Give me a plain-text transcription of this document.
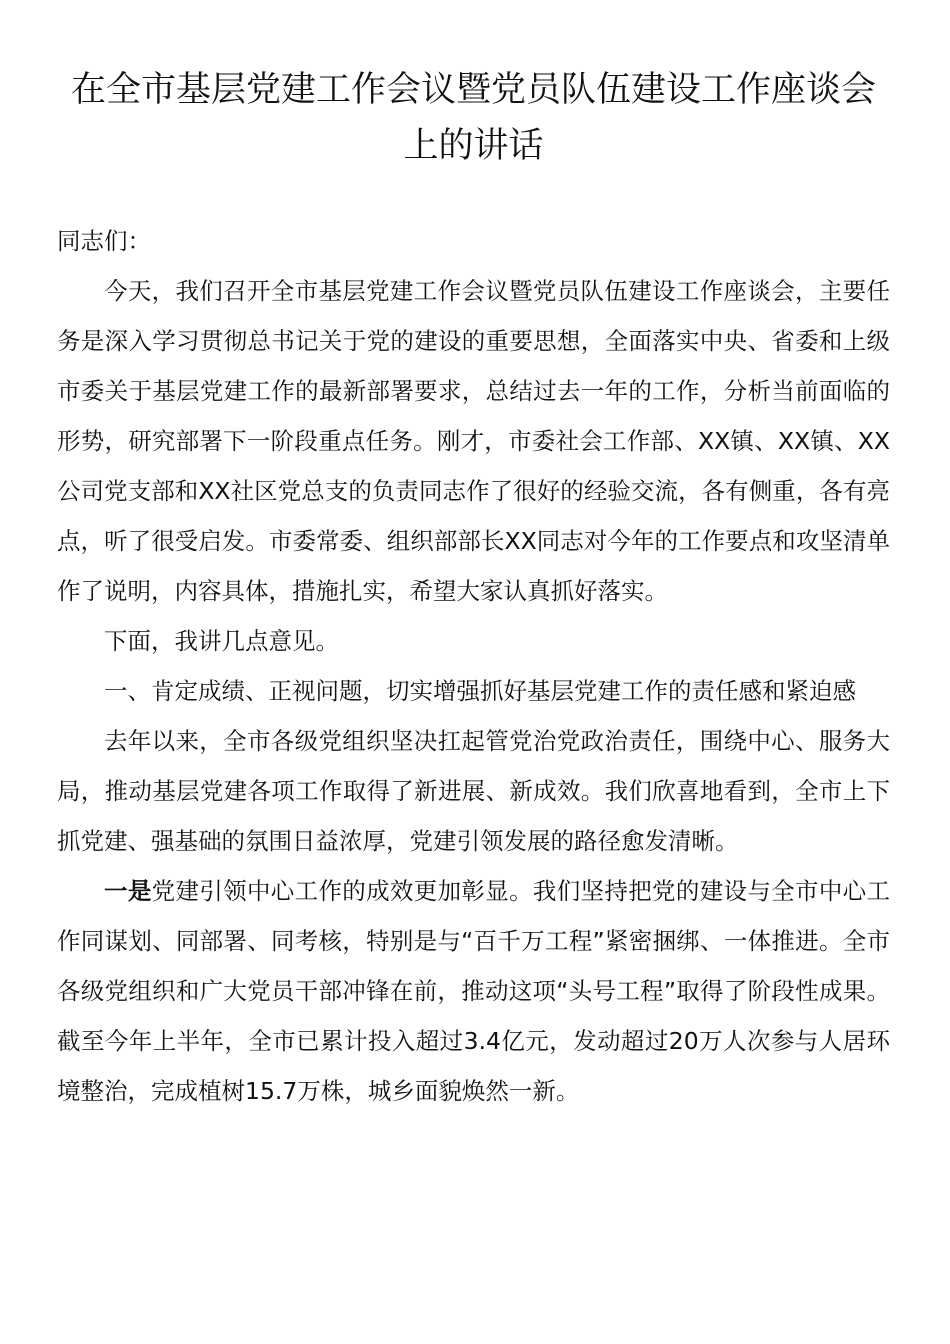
在全市基层党建工作会议暨党员队伍建设工作座谈会上的讲话

同志们：

今天，我们召开全市基层党建工作会议暨党员队伍建设工作座谈会，主要任务是深入学习贯彻总书记关于党的建设的重要思想，全面落实中央、省委和上级市委关于基层党建工作的最新部署要求，总结过去一年的工作，分析当前面临的形势，研究部署下一阶段重点任务。刚才，市委社会工作部、XX镇、XX镇、XX公司党支部和XX社区党总支的负责同志作了很好的经验交流，各有侧重，各有亮点，听了很受启发。市委常委、组织部部长XX同志对今年的工作要点和攻坚清单作了说明，内容具体，措施扎实，希望大家认真抓好落实。

下面，我讲几点意见。

一、肯定成绩、正视问题，切实增强抓好基层党建工作的责任感和紧迫感

去年以来，全市各级党组织坚决扛起管党治党政治责任，围绕中心、服务大局，推动基层党建各项工作取得了新进展、新成效。我们欣喜地看到，全市上下抓党建、强基础的氛围日益浓厚，党建引领发展的路径愈发清晰。

一是党建引领中心工作的成效更加彰显。我们坚持把党的建设与全市中心工作同谋划、同部署、同考核，特别是与“百千万工程”紧密捆绑、一体推进。全市各级党组织和广大党员干部冲锋在前，推动这项“头号工程”取得了阶段性成果。截至今年上半年，全市已累计投入超过3.4亿元，发动超过20万人次参与人居环境整治，完成植树15.7万株，城乡面貌焕然一新。
